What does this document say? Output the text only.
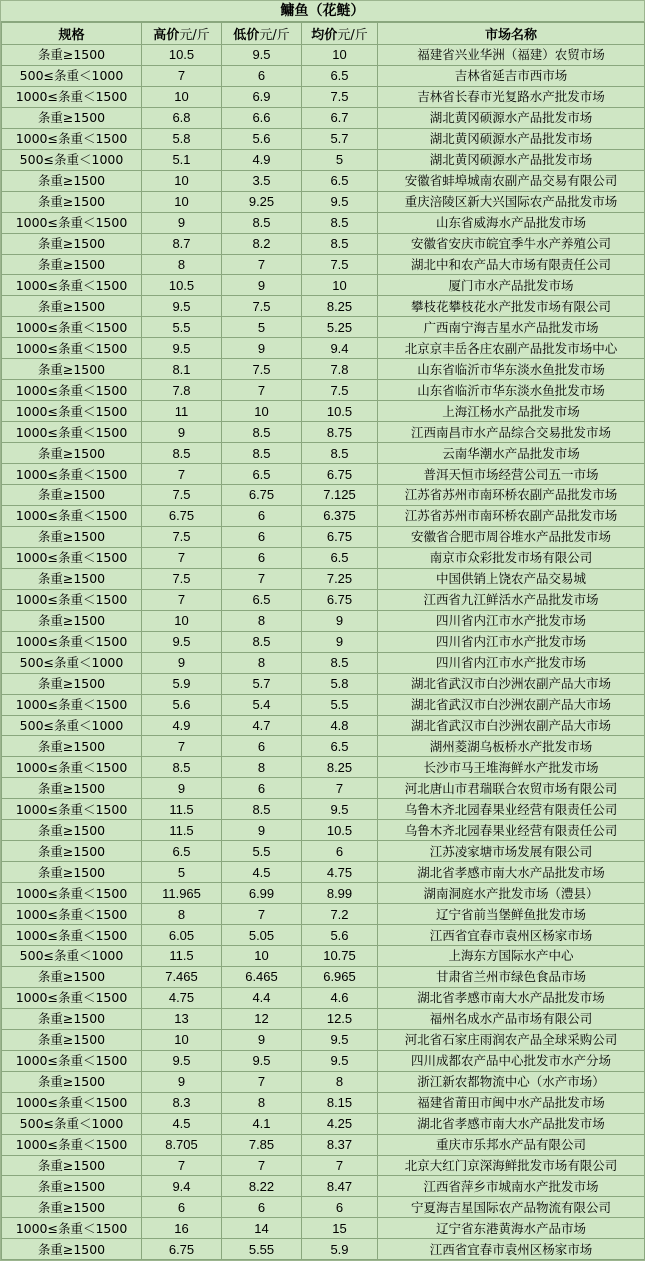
鳙鱼（花鲢）
规格	高价元/斤	低价元/斤	均价元/斤	市场名称
条重≥1500	10.5	9.5	10	福建省兴业华洲（福建）农贸市场
500≤条重＜1000	7	6	6.5	吉林省延吉市西市场
1000≤条重＜1500	10	6.9	7.5	吉林省长春市光复路水产批发市场
条重≥1500	6.8	6.6	6.7	湖北黄冈硕源水产品批发市场
1000≤条重＜1500	5.8	5.6	5.7	湖北黄冈硕源水产品批发市场
500≤条重＜1000	5.1	4.9	5	湖北黄冈硕源水产品批发市场
条重≥1500	10	3.5	6.5	安徽省蚌埠城南农副产品交易有限公司
条重≥1500	10	9.25	9.5	重庆涪陵区新大兴国际农产品批发市场
1000≤条重＜1500	9	8.5	8.5	山东省威海水产品批发市场
条重≥1500	8.7	8.2	8.5	安徽省安庆市皖宜季牛水产养殖公司
条重≥1500	8	7	7.5	湖北中和农产品大市场有限责任公司
1000≤条重＜1500	10.5	9	10	厦门市水产品批发市场
条重≥1500	9.5	7.5	8.25	攀枝花攀枝花水产批发市场有限公司
1000≤条重＜1500	5.5	5	5.25	广西南宁海吉星水产品批发市场
1000≤条重＜1500	9.5	9	9.4	北京京丰岳各庄农副产品批发市场中心
条重≥1500	8.1	7.5	7.8	山东省临沂市华东淡水鱼批发市场
1000≤条重＜1500	7.8	7	7.5	山东省临沂市华东淡水鱼批发市场
1000≤条重＜1500	11	10	10.5	上海江杨水产品批发市场
1000≤条重＜1500	9	8.5	8.75	江西南昌市水产品综合交易批发市场
条重≥1500	8.5	8.5	8.5	云南华潮水产品批发市场
1000≤条重＜1500	7	6.5	6.75	普洱天恒市场经营公司五一市场
条重≥1500	7.5	6.75	7.125	江苏省苏州市南环桥农副产品批发市场
1000≤条重＜1500	6.75	6	6.375	江苏省苏州市南环桥农副产品批发市场
条重≥1500	7.5	6	6.75	安徽省合肥市周谷堆水产品批发市场
1000≤条重＜1500	7	6	6.5	南京市众彩批发市场有限公司
条重≥1500	7.5	7	7.25	中国供销上饶农产品交易城
1000≤条重＜1500	7	6.5	6.75	江西省九江鲜活水产品批发市场
条重≥1500	10	8	9	四川省内江市水产批发市场
1000≤条重＜1500	9.5	8.5	9	四川省内江市水产批发市场
500≤条重＜1000	9	8	8.5	四川省内江市水产批发市场
条重≥1500	5.9	5.7	5.8	湖北省武汉市白沙洲农副产品大市场
1000≤条重＜1500	5.6	5.4	5.5	湖北省武汉市白沙洲农副产品大市场
500≤条重＜1000	4.9	4.7	4.8	湖北省武汉市白沙洲农副产品大市场
条重≥1500	7	6	6.5	湖州菱湖乌板桥水产批发市场
1000≤条重＜1500	8.5	8	8.25	长沙市马王堆海鲜水产批发市场
条重≥1500	9	6	7	河北唐山市君瑞联合农贸市场有限公司
1000≤条重＜1500	11.5	8.5	9.5	乌鲁木齐北园春果业经营有限责任公司
条重≥1500	11.5	9	10.5	乌鲁木齐北园春果业经营有限责任公司
条重≥1500	6.5	5.5	6	江苏凌家塘市场发展有限公司
条重≥1500	5	4.5	4.75	湖北省孝感市南大水产品批发市场
1000≤条重＜1500	11.965	6.99	8.99	湖南洞庭水产批发市场（澧县）
1000≤条重＜1500	8	7	7.2	辽宁省前当堡鲜鱼批发市场
1000≤条重＜1500	6.05	5.05	5.6	江西省宜春市袁州区杨家市场
500≤条重＜1000	11.5	10	10.75	上海东方国际水产中心
条重≥1500	7.465	6.465	6.965	甘肃省兰州市绿色食品市场
1000≤条重＜1500	4.75	4.4	4.6	湖北省孝感市南大水产品批发市场
条重≥1500	13	12	12.5	福州名成水产品市场有限公司
条重≥1500	10	9	9.5	河北省石家庄雨润农产品全球采购公司
1000≤条重＜1500	9.5	9.5	9.5	四川成都农产品中心批发市水产分场
条重≥1500	9	7	8	浙江新农都物流中心（水产市场）
1000≤条重＜1500	8.3	8	8.15	福建省莆田市闽中水产品批发市场
500≤条重＜1000	4.5	4.1	4.25	湖北省孝感市南大水产品批发市场
1000≤条重＜1500	8.705	7.85	8.37	重庆市乐邦水产品有限公司
条重≥1500	7	7	7	北京大红门京深海鲜批发市场有限公司
条重≥1500	9.4	8.22	8.47	江西省萍乡市城南水产批发市场
条重≥1500	6	6	6	宁夏海吉星国际农产品物流有限公司
1000≤条重＜1500	16	14	15	辽宁省东港黄海水产品市场
条重≥1500	6.75	5.55	5.9	江西省宜春市袁州区杨家市场
